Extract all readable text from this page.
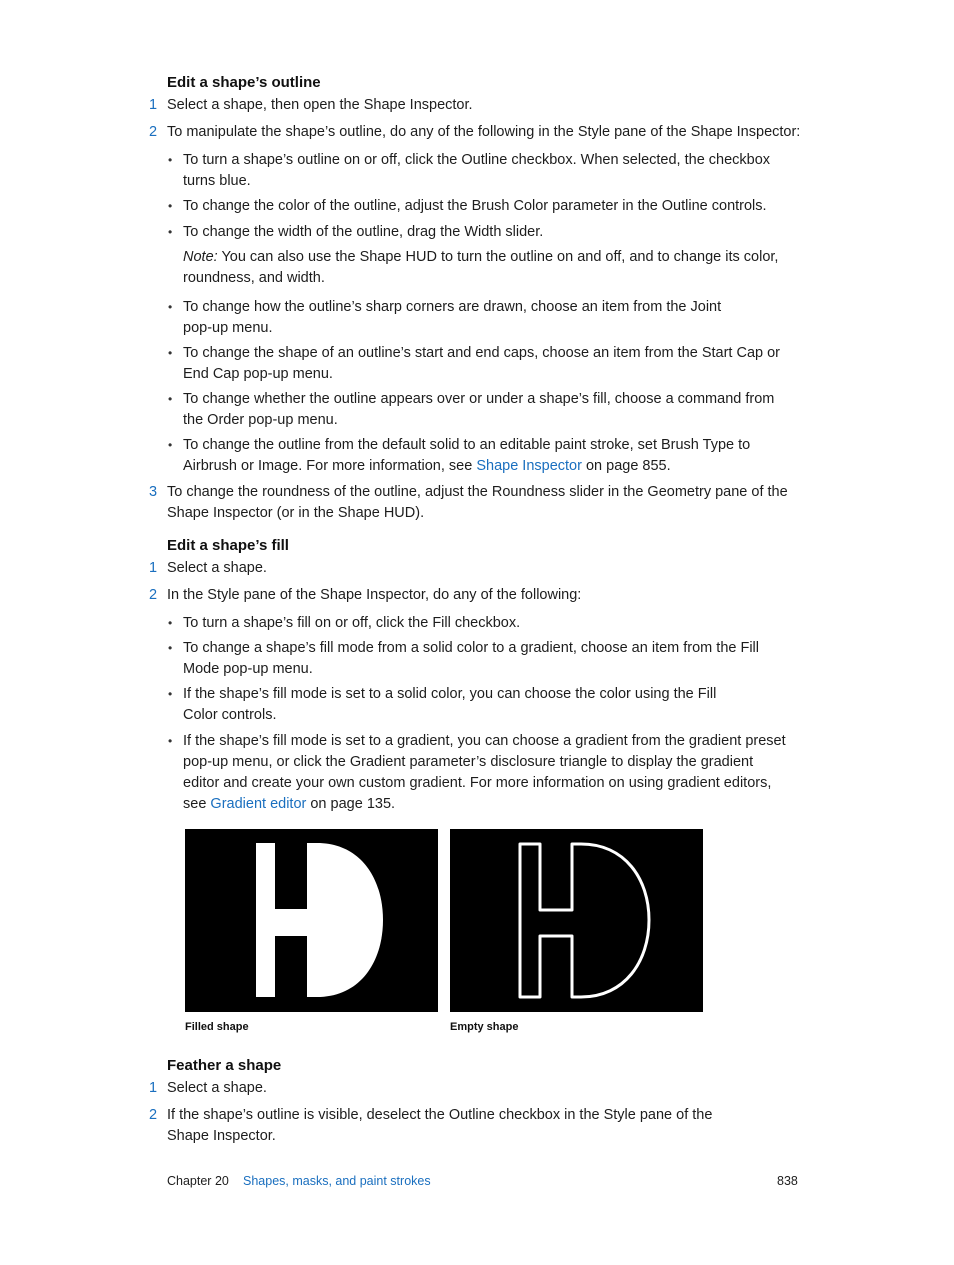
Edit a shape’s outline
1 Select a shape, then open the Shape Inspector.
2 To manipulate the shape’s outline, do any of the following in the Style pane of the Shape Inspector:
• To turn a shape’s outline on or off, click the Outline checkbox. When selected, the checkbox
turns blue.
• To change the color of the outline, adjust the Brush Color parameter in the Outline controls.
• To change the width of the outline, drag the Width slider.
Note: You can also use the Shape HUD to turn the outline on and off, and to change its color,
roundness, and width.
• To change how the outline’s sharp corners are drawn, choose an item from the Joint
pop-up menu.
• To change the shape of an outline’s start and end caps, choose an item from the Start Cap or
End Cap pop-up menu.
• To change whether the outline appears over or under a shape’s fill, choose a command from
the Order pop-up menu.
• To change the outline from the default solid to an editable paint stroke, set Brush Type to
Airbrush or Image. For more information, see Shape Inspector on page 855.
3 To change the roundness of the outline, adjust the Roundness slider in the Geometry pane of the
Shape Inspector (or in the Shape HUD).
Edit a shape’s fill
1 Select a shape.
2 In the Style pane of the Shape Inspector, do any of the following:
• To turn a shape’s fill on or off, click the Fill checkbox.
• To change a shape’s fill mode from a solid color to a gradient, choose an item from the Fill
Mode pop-up menu.
• If the shape’s fill mode is set to a solid color, you can choose the color using the Fill
Color controls.
• If the shape’s fill mode is set to a gradient, you can choose a gradient from the gradient preset
pop-up menu, or click the Gradient parameter’s disclosure triangle to display the gradient
editor and create your own custom gradient. For more information on using gradient editors,
see Gradient editor on page 135.
Filled shape	Empty shape
Feather a shape
1 Select a shape.
2 If the shape’s outline is visible, deselect the Outline checkbox in the Style pane of the
Shape Inspector.
Chapter 20 Shapes, masks, and paint strokes	838
